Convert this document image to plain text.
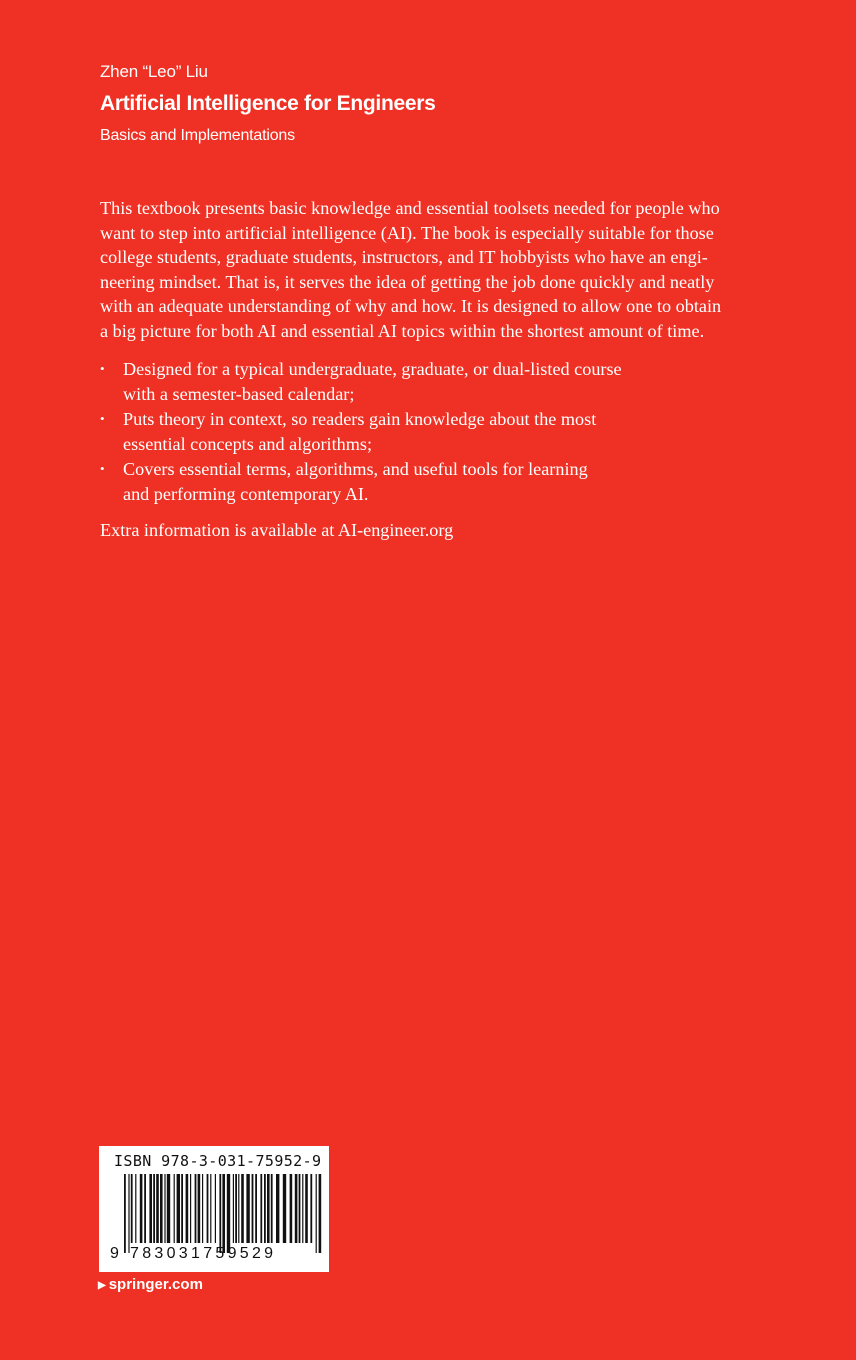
Zhen “Leo” Liu
Artificial Intelligence for Engineers
Basics and Implementations

This textbook presents basic knowledge and essential toolsets needed for people who

want to step into artificial intelligence (AI). The book is especially suitable for those

college students, graduate students, instructors, and IT hobbyists who have an engi-

neering mindset. That is, it serves the idea of getting the job done quickly and neatly

with an adequate understanding of why and how. It is designed to allow one to obtain

a big picture for both AI and essential AI topics within the shortest amount of time.

• Designed for a typical undergraduate, graduate, or dual-listed course
with a semester-based calendar;
• Puts theory in context, so readers gain knowledge about the most
essential concepts and algorithms;
• Covers essential terms, algorithms, and useful tools for learning
and performing contemporary AI.
Extra information is available at AI-engineer.org
ISBN 978-3-031-75952-9
9 783031759529
▶ springer.com
